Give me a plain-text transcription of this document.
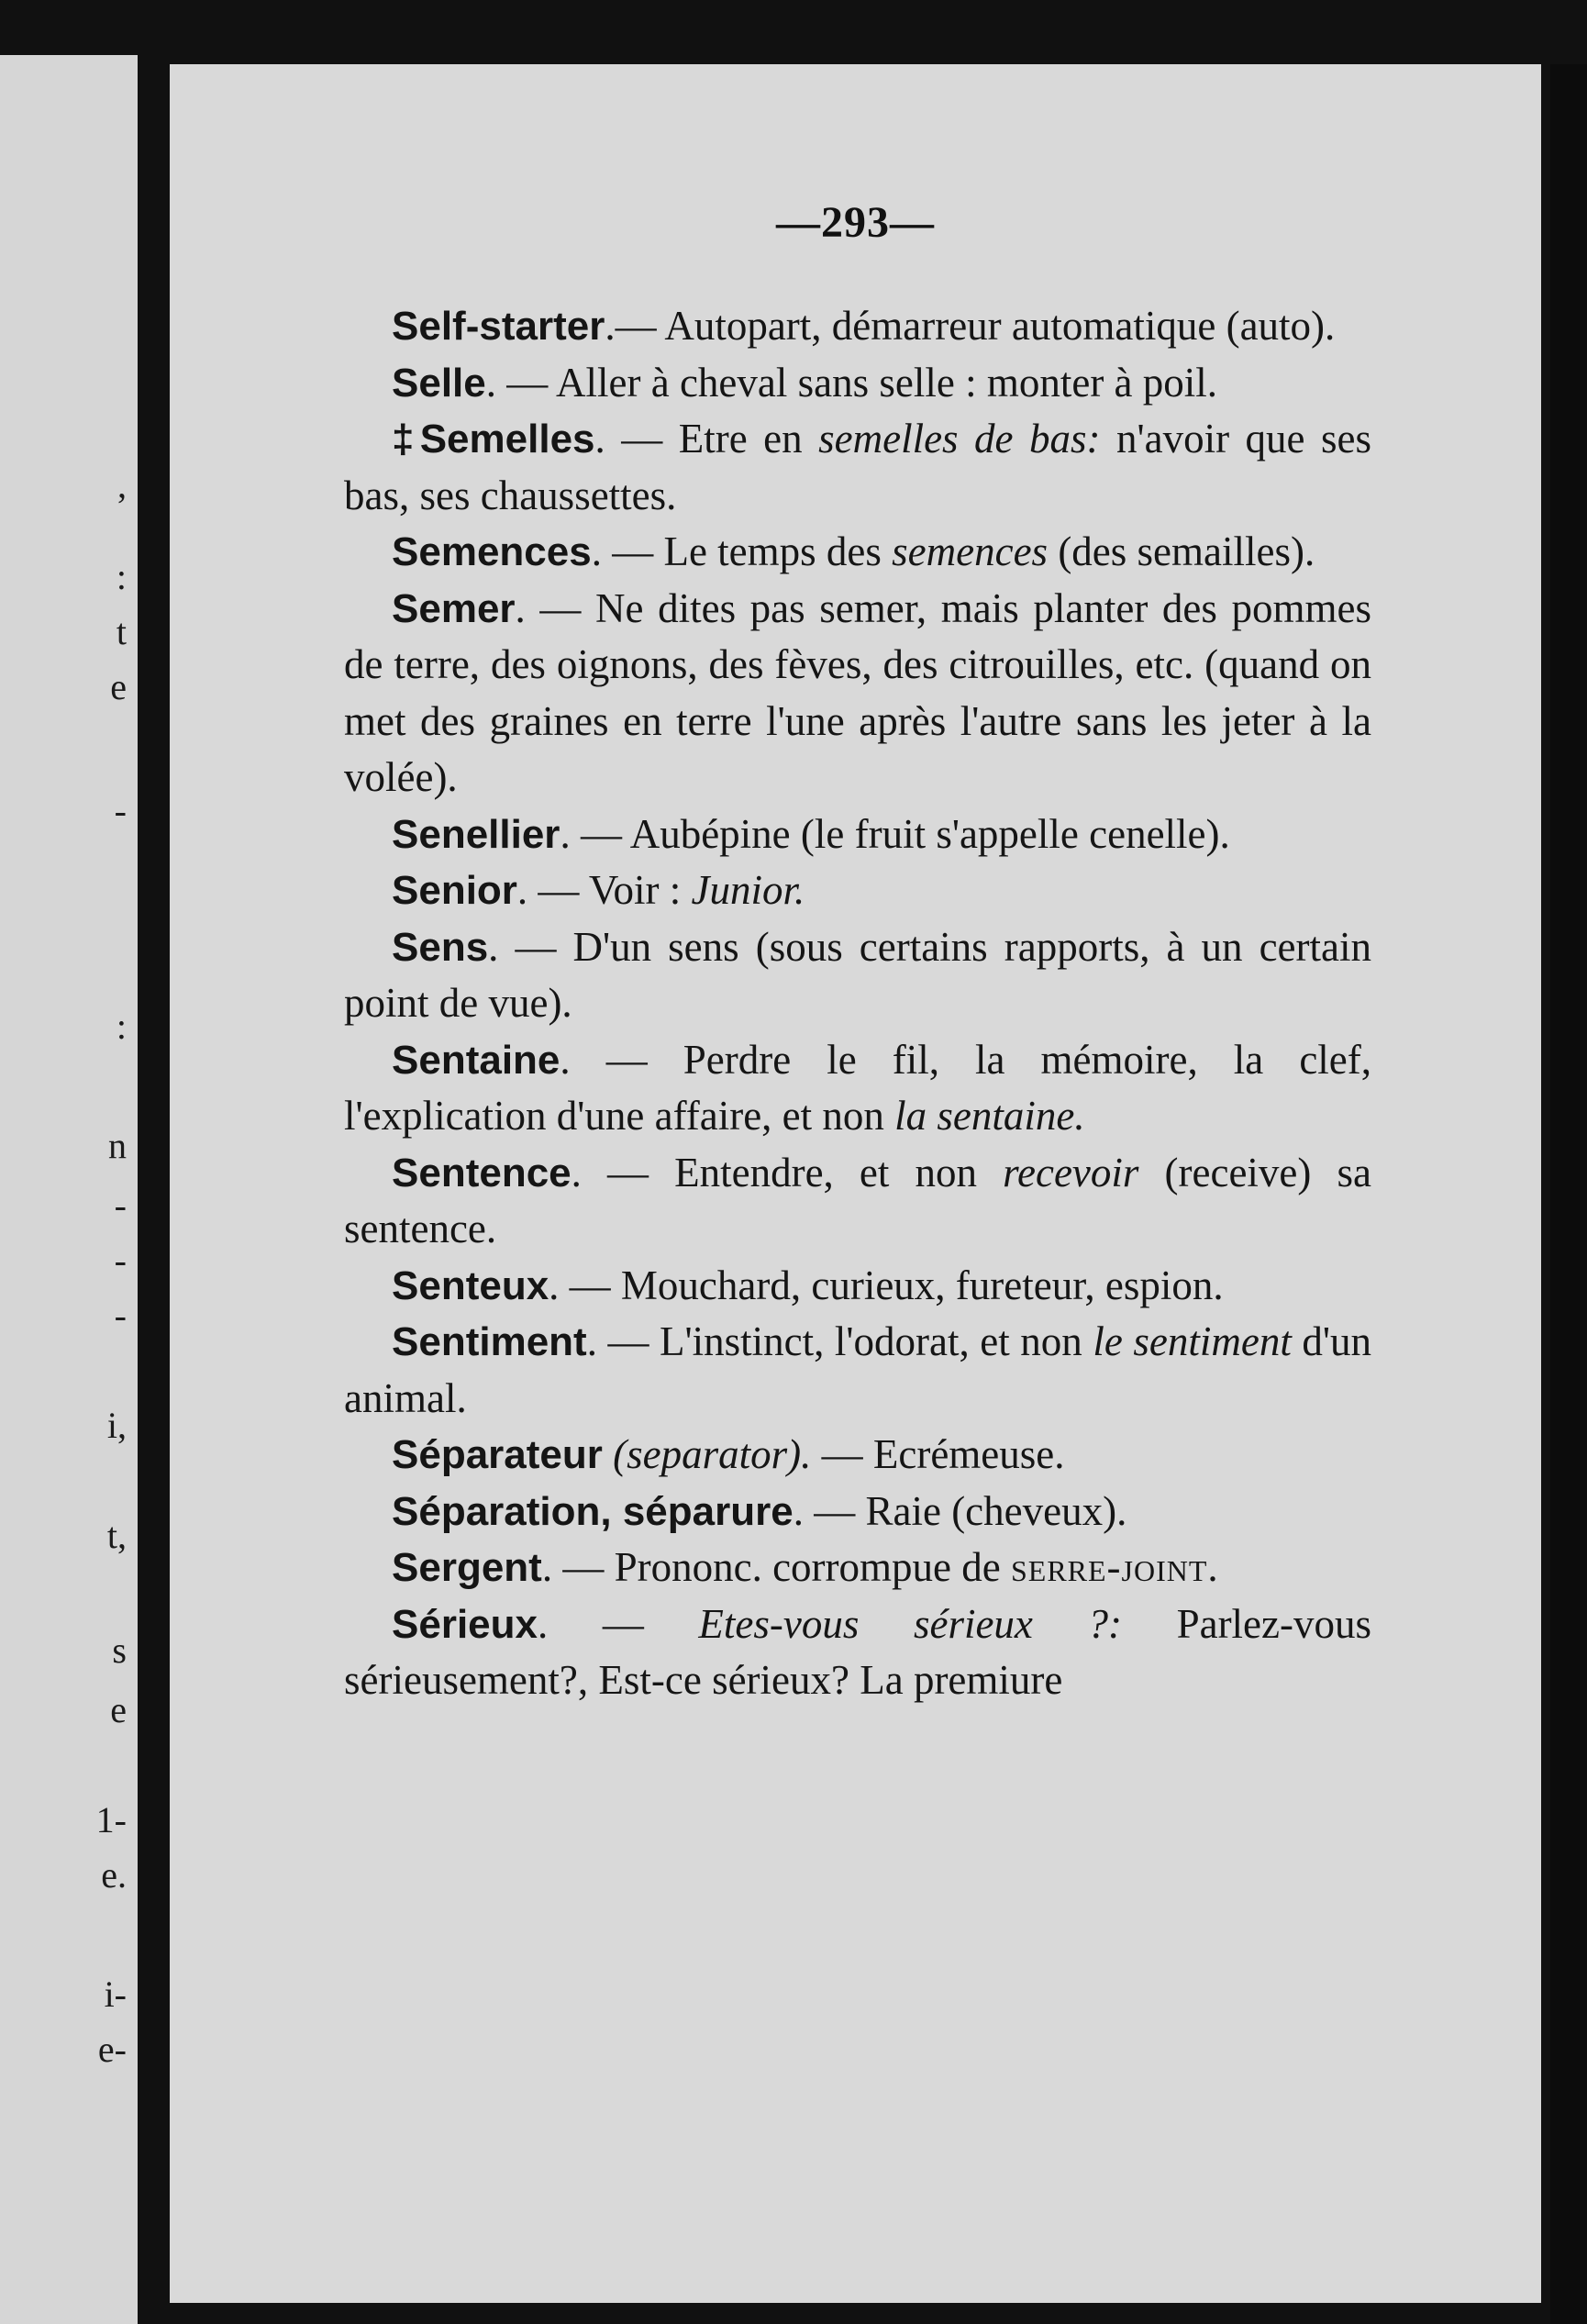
,
:
t
e
-
:
n
-
-
-
i,
t,
s
e
1-
e.
i-
e-
—293—

Self-starter.— Autopart, démarreur automatique (auto).

Selle. — Aller à cheval sans selle : monter à poil.

‡Semelles. — Etre en semelles de bas: n'avoir que ses bas, ses chaussettes.

Semences. — Le temps des semences (des semailles).

Semer. — Ne dites pas semer, mais planter des pommes de terre, des oignons, des fèves, des citrouilles, etc. (quand on met des graines en terre l'une après l'autre sans les jeter à la volée).

Senellier. — Aubépine (le fruit s'appelle cenelle).

Senior. — Voir : Junior.

Sens. — D'un sens (sous certains rapports, à un certain point de vue).

Sentaine. — Perdre le fil, la mémoire, la clef, l'explication d'une affaire, et non la sentaine.

Sentence. — Entendre, et non recevoir (receive) sa sentence.

Senteux. — Mouchard, curieux, fureteur, espion.

Sentiment. — L'instinct, l'odorat, et non le sentiment d'un animal.

Séparateur (separator). — Ecrémeuse.

Séparation, séparure. — Raie (cheveux).

Sergent. — Prononc. corrompue de serre-joint.

Sérieux. — Etes-vous sérieux ?: Parlez-vous sérieusement?, Est-ce sérieux? La premiure
